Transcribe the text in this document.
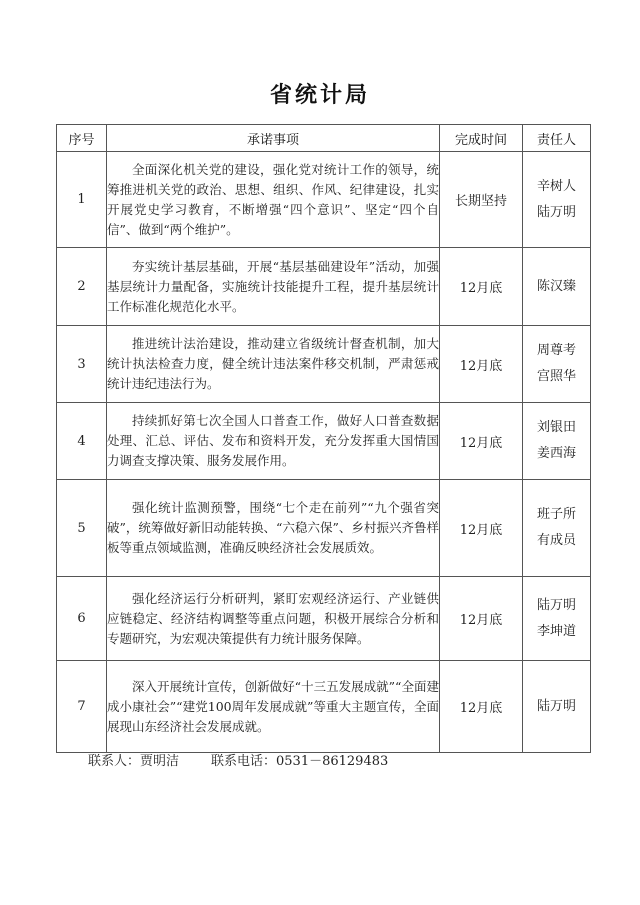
省统计局
序号	承诺事项	完成时间	责任人
1	全面深化机关党的建设，强化党对统计工作的领导，统筹推进机关党的政治、思想、组织、作风、纪律建设，扎实开展党史学习教育，不断增强“四个意识”、坚定“四个自信”、做到“两个维护”。	长期坚持	辛树人
陆万明

2	夯实统计基层基础，开展“基层基础建设年”活动，加强基层统计力量配备，实施统计技能提升工程，提升基层统计工作标准化规范化水平。	12月底	陈汉臻

3	推进统计法治建设，推动建立省级统计督查机制，加大统计执法检查力度，健全统计违法案件移交机制，严肃惩戒统计违纪违法行为。	12月底	周尊考
宫照华

4	持续抓好第七次全国人口普查工作，做好人口普查数据处理、汇总、评估、发布和资料开发，充分发挥重大国情国力调查支撑决策、服务发展作用。	12月底	刘银田
姜西海

5	强化统计监测预警，围绕“七个走在前列”“九个强省突破”，统筹做好新旧动能转换、“六稳六保”、乡村振兴齐鲁样板等重点领域监测，准确反映经济社会发展质效。	12月底	班子所
有成员

6	强化经济运行分析研判，紧盯宏观经济运行、产业链供应链稳定、经济结构调整等重点问题，积极开展综合分析和专题研究，为宏观决策提供有力统计服务保障。	12月底	陆万明
李坤道

7	深入开展统计宣传，创新做好“十三五发展成就”“全面建成小康社会”“建党100周年发展成就”等重大主题宣传，全面展现山东经济社会发展成就。	12月底	陆万明
联系人：贾明洁 联系电话：0531－86129483
